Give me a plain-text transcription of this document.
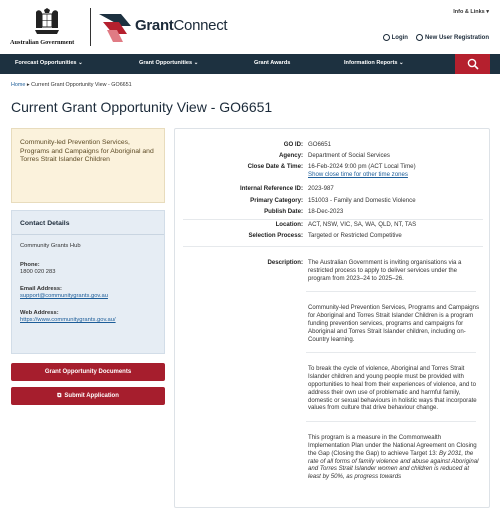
Australian Government
GrantConnect
Info & Links ▾
Login	New User Registration
Forecast Opportunities ⌄	Grant Opportunities ⌄	Grant Awards	Information Reports ⌄
Home ▸ Current Grant Opportunity View - GO6651
Current Grant Opportunity View - GO6651

Community-led Prevention Services, Programs and Campaigns for Aboriginal and Torres Strait Islander Children

Contact Details
Community Grants Hub
Phone:
1800 020 283
Email Address:
support@communitygrants.gov.au
Web Address:
https://www.communitygrants.gov.au/
Grant Opportunity Documents
⧉ Submit Application
GO ID: GO6651
Agency: Department of Social Services
Close Date & Time: 16-Feb-2024 9:00 pm (ACT Local Time)
Show close time for other time zones
Internal Reference ID: 2023-987
Primary Category: 151003 - Family and Domestic Violence
Publish Date: 18-Dec-2023
Location: ACT, NSW, VIC, SA, WA, QLD, NT, TAS
Selection Process: Targeted or Restricted Competitive
Description: The Australian Government is inviting organisations via a restricted process to apply to deliver services under the program from 2023–24 to 2025–26.

Community-led Prevention Services, Programs and Campaigns for Aboriginal and Torres Strait Islander Children is a program funding prevention services, programs and campaigns for Aboriginal and Torres Strait Islander children, including on-Country learning.

To break the cycle of violence, Aboriginal and Torres Strait Islander children and young people must be provided with opportunities to heal from their experiences of violence, and to address their own use of problematic and harmful family, domestic or sexual behaviours in holistic ways that incorporate values from culture that drive behaviour change.

This program is a measure in the Commonwealth Implementation Plan under the National Agreement on Closing the Gap (Closing the Gap) to achieve Target 13: By 2031, the rate of all forms of family violence and abuse against Aboriginal and Torres Strait Islander women and children is reduced at least by 50%, as progress towards
